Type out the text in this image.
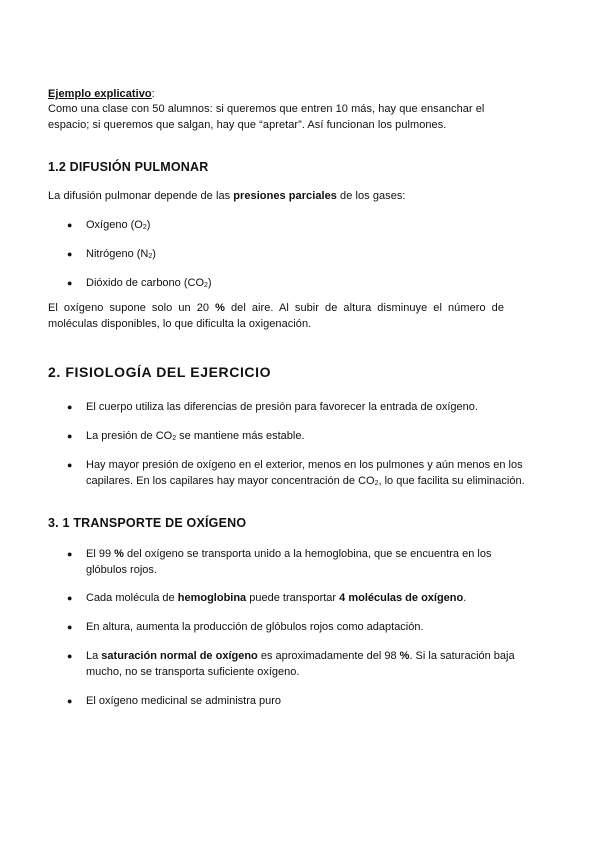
Ejemplo explicativo:
Como una clase con 50 alumnos: si queremos que entren 10 más, hay que ensanchar el espacio; si queremos que salgan, hay que “apretar”. Así funcionan los pulmones.
1.2 DIFUSIÓN PULMONAR
La difusión pulmonar depende de las presiones parciales de los gases:
● Oxígeno $(O_2)$
● Nitrógeno $(N_2)$
● Dióxido de carbono $(CO_2)$
El oxígeno supone solo un 20 % del aire. Al subir de altura disminuye el número de moléculas disponibles, lo que dificulta la oxigenación.
2. FISIOLOGÍA DEL EJERCICIO
● El cuerpo utiliza las diferencias de presión para favorecer la entrada de oxígeno.
● La presión de $CO_2$ se mantiene más estable.
● Hay mayor presión de oxígeno en el exterior, menos en los pulmones y aún menos en los capilares. En los capilares hay mayor concentración de $CO_2$, lo que facilita su eliminación.
3. 1 TRANSPORTE DE OXÍGENO
● El 99 % del oxígeno se transporta unido a la hemoglobina, que se encuentra en los glóbulos rojos.
● Cada molécula de hemoglobina puede transportar 4 moléculas de oxígeno.
● En altura, aumenta la producción de glóbulos rojos como adaptación.
● La saturación normal de oxígeno es aproximadamente del 98 %. Si la saturación baja mucho, no se transporta suficiente oxígeno.
● El oxígeno medicinal se administra puro
